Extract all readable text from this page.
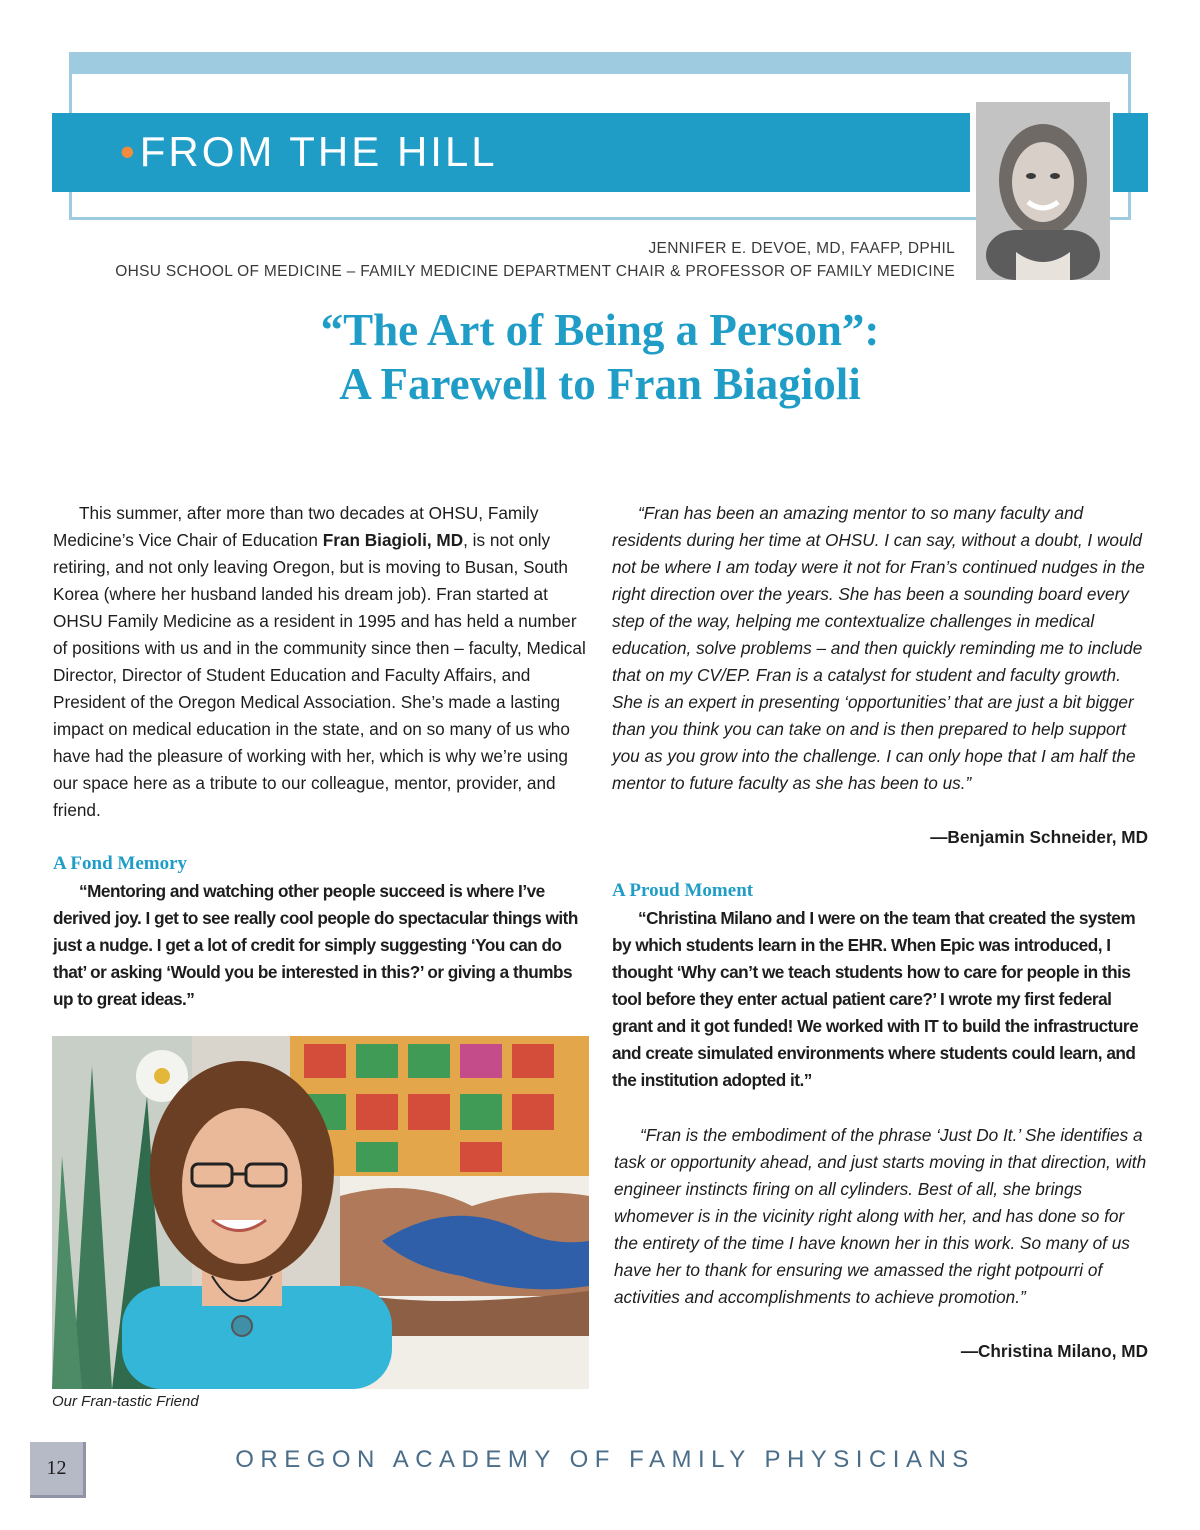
• FROM THE HILL
JENNIFER E. DEVOE, MD, FAAFP, DPHIL
OHSU SCHOOL OF MEDICINE – FAMILY MEDICINE DEPARTMENT CHAIR & PROFESSOR OF FAMILY MEDICINE
“The Art of Being a Person”:
A Farewell to Fran Biagioli

This summer, after more than two decades at OHSU, Family Medicine’s Vice Chair of Education Fran Biagioli, MD, is not only retiring, and not only leaving Oregon, but is moving to Busan, South Korea (where her husband landed his dream job). Fran started at OHSU Family Medicine as a resident in 1995 and has held a number of positions with us and in the community since then – faculty, Medical Director, Director of Student Education and Faculty Affairs, and President of the Oregon Medical Association. She’s made a lasting impact on medical education in the state, and on so many of us who have had the pleasure of working with her, which is why we’re using our space here as a tribute to our colleague, mentor, provider, and friend.

A Fond Memory

“Mentoring and watching other people succeed is where I’ve derived joy. I get to see really cool people do spectacular things with just a nudge. I get a lot of credit for simply suggesting ‘You can do that’ or asking ‘Would you be interested in this?’ or giving a thumbs up to great ideas.”

Our Fran-tastic Friend

“Fran has been an amazing mentor to so many faculty and residents during her time at OHSU. I can say, without a doubt, I would not be where I am today were it not for Fran’s continued nudges in the right direction over the years. She has been a sounding board every step of the way, helping me contextualize challenges in medical education, solve problems – and then quickly reminding me to include that on my CV/EP. Fran is a catalyst for student and faculty growth. She is an expert in presenting ‘opportunities’ that are just a bit bigger than you think you can take on and is then prepared to help support you as you grow into the challenge. I can only hope that I am half the mentor to future faculty as she has been to us.”

—Benjamin Schneider, MD
A Proud Moment

“Christina Milano and I were on the team that created the system by which students learn in the EHR. When Epic was introduced, I thought ‘Why can’t we teach students how to care for people in this tool before they enter actual patient care?’ I wrote my first federal grant and it got funded! We worked with IT to build the infrastructure and create simulated environments where students could learn, and the institution adopted it.”

“Fran is the embodiment of the phrase ‘Just Do It.’ She identifies a task or opportunity ahead, and just starts moving in that direction, with engineer instincts firing on all cylinders. Best of all, she brings whomever is in the vicinity right along with her, and has done so for the entirety of the time I have known her in this work. So many of us have her to thank for ensuring we amassed the right potpourri of activities and accomplishments to achieve promotion.”

—Christina Milano, MD
12	OREGON ACADEMY OF FAMILY PHYSICIANS
